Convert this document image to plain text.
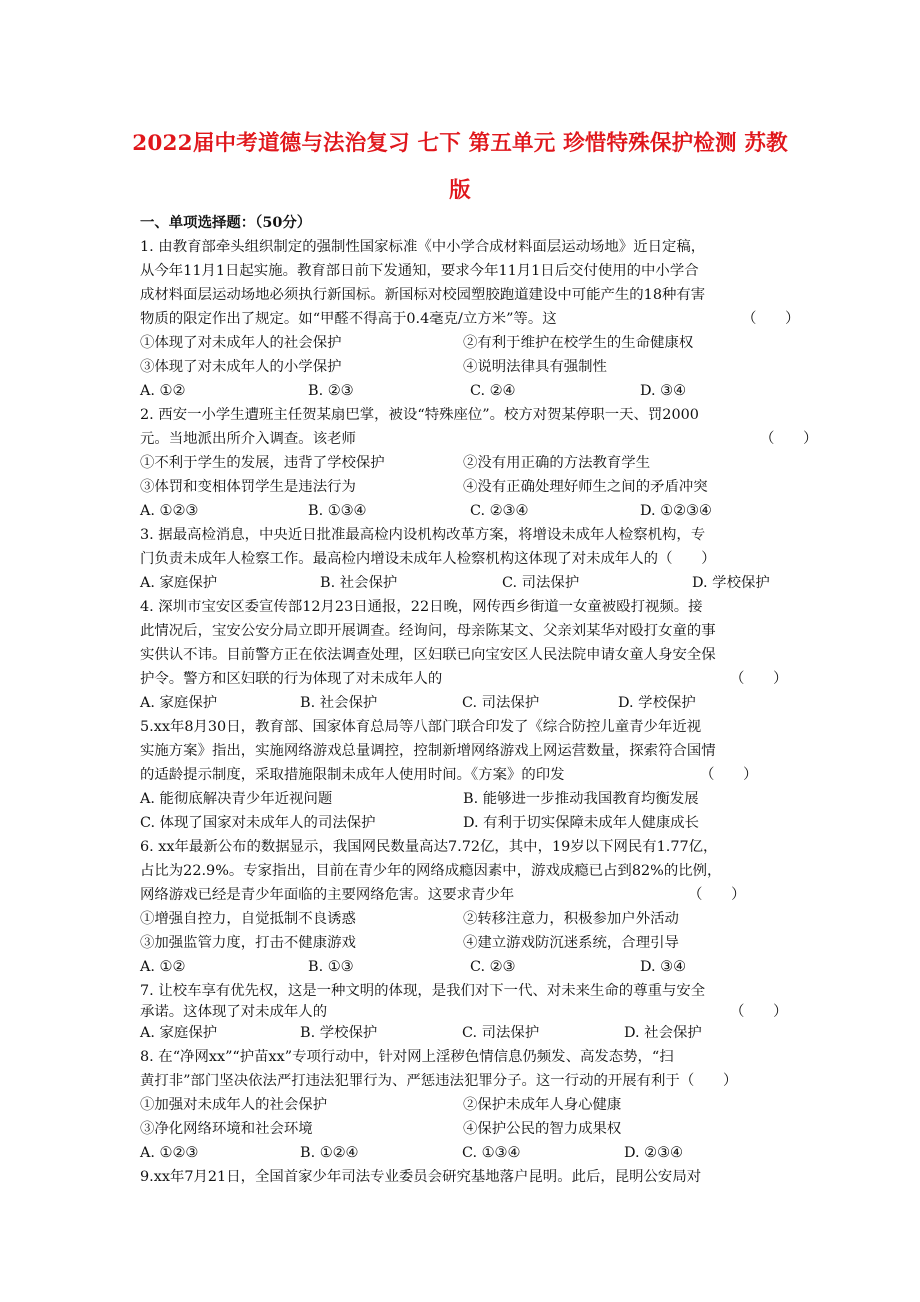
2022届中考道德与法治复习 七下 第五单元 珍惜特殊保护检测 苏教
版
一、单项选择题：（50分）
1. 由教育部牵头组织制定的强制性国家标准《中小学合成材料面层运动场地》近日定稿，
从今年11月1日起实施。教育部日前下发通知，要求今年11月1日后交付使用的中小学合
成材料面层运动场地必须执行新国标。新国标对校园塑胶跑道建设中可能产生的18种有害
物质的限定作出了规定。如“甲醛不得高于0.4毫克/立方米”等。这	（　　）
①体现了对未成年人的社会保护	②有利于维护在校学生的生命健康权
③体现了对未成年人的小学保护	④说明法律具有强制性
A. ①②	B. ②③	C. ②④	D. ③④
2. 西安一小学生遭班主任贺某扇巴掌，被设“特殊座位”。校方对贺某停职一天、罚2000
元。当地派出所介入调查。该老师	（　　）
①不利于学生的发展，违背了学校保护	②没有用正确的方法教育学生
③体罚和变相体罚学生是违法行为	④没有正确处理好师生之间的矛盾冲突
A. ①②③	B. ①③④	C. ②③④	D. ①②③④
3. 据最高检消息，中央近日批准最高检内设机构改革方案，将增设未成年人检察机构，专
门负责未成年人检察工作。最高检内增设未成年人检察机构这体现了对未成年人的（　　）
A. 家庭保护	B. 社会保护	C. 司法保护	D. 学校保护
4. 深圳市宝安区委宣传部12月23日通报，22日晚，网传西乡街道一女童被殴打视频。接
此情况后，宝安公安分局立即开展调查。经询问，母亲陈某文、父亲刘某华对殴打女童的事
实供认不讳。目前警方正在依法调查处理，区妇联已向宝安区人民法院申请女童人身安全保
护令。警方和区妇联的行为体现了对未成年人的	（　　）
A. 家庭保护	B. 社会保护	C. 司法保护	D. 学校保护
5.xx年8月30日，教育部、国家体育总局等八部门联合印发了《综合防控儿童青少年近视
实施方案》指出，实施网络游戏总量调控，控制新增网络游戏上网运营数量，探索符合国情
的适龄提示制度，采取措施限制未成年人使用时间。《方案》的印发	（　　）
A. 能彻底解决青少年近视问题	B. 能够进一步推动我国教育均衡发展
C. 体现了国家对未成年人的司法保护	D. 有利于切实保障未成年人健康成长
6. xx年最新公布的数据显示，我国网民数量高达7.72亿，其中，19岁以下网民有1.77亿，
占比为22.9%。专家指出，目前在青少年的网络成瘾因素中，游戏成瘾已占到82%的比例，
网络游戏已经是青少年面临的主要网络危害。这要求青少年	（　　）
①增强自控力，自觉抵制不良诱惑	②转移注意力，积极参加户外活动
③加强监管力度，打击不健康游戏	④建立游戏防沉迷系统，合理引导
A. ①②	B. ①③	C. ②③	D. ③④
7. 让校车享有优先权，这是一种文明的体现，是我们对下一代、对未来生命的尊重与安全
承诺。这体现了对未成年人的	（　　）
A. 家庭保护	B. 学校保护	C. 司法保护	D. 社会保护
8. 在“净网xx”“护苗xx”专项行动中，针对网上淫秽色情信息仍频发、高发态势，“扫
黄打非”部门坚决依法严打违法犯罪行为、严惩违法犯罪分子。这一行动的开展有利于（　　）
①加强对未成年人的社会保护	②保护未成年人身心健康
③净化网络环境和社会环境	④保护公民的智力成果权
A. ①②③	B. ①②④	C. ①③④	D. ②③④
9.xx年7月21日，全国首家少年司法专业委员会研究基地落户昆明。此后，昆明公安局对
